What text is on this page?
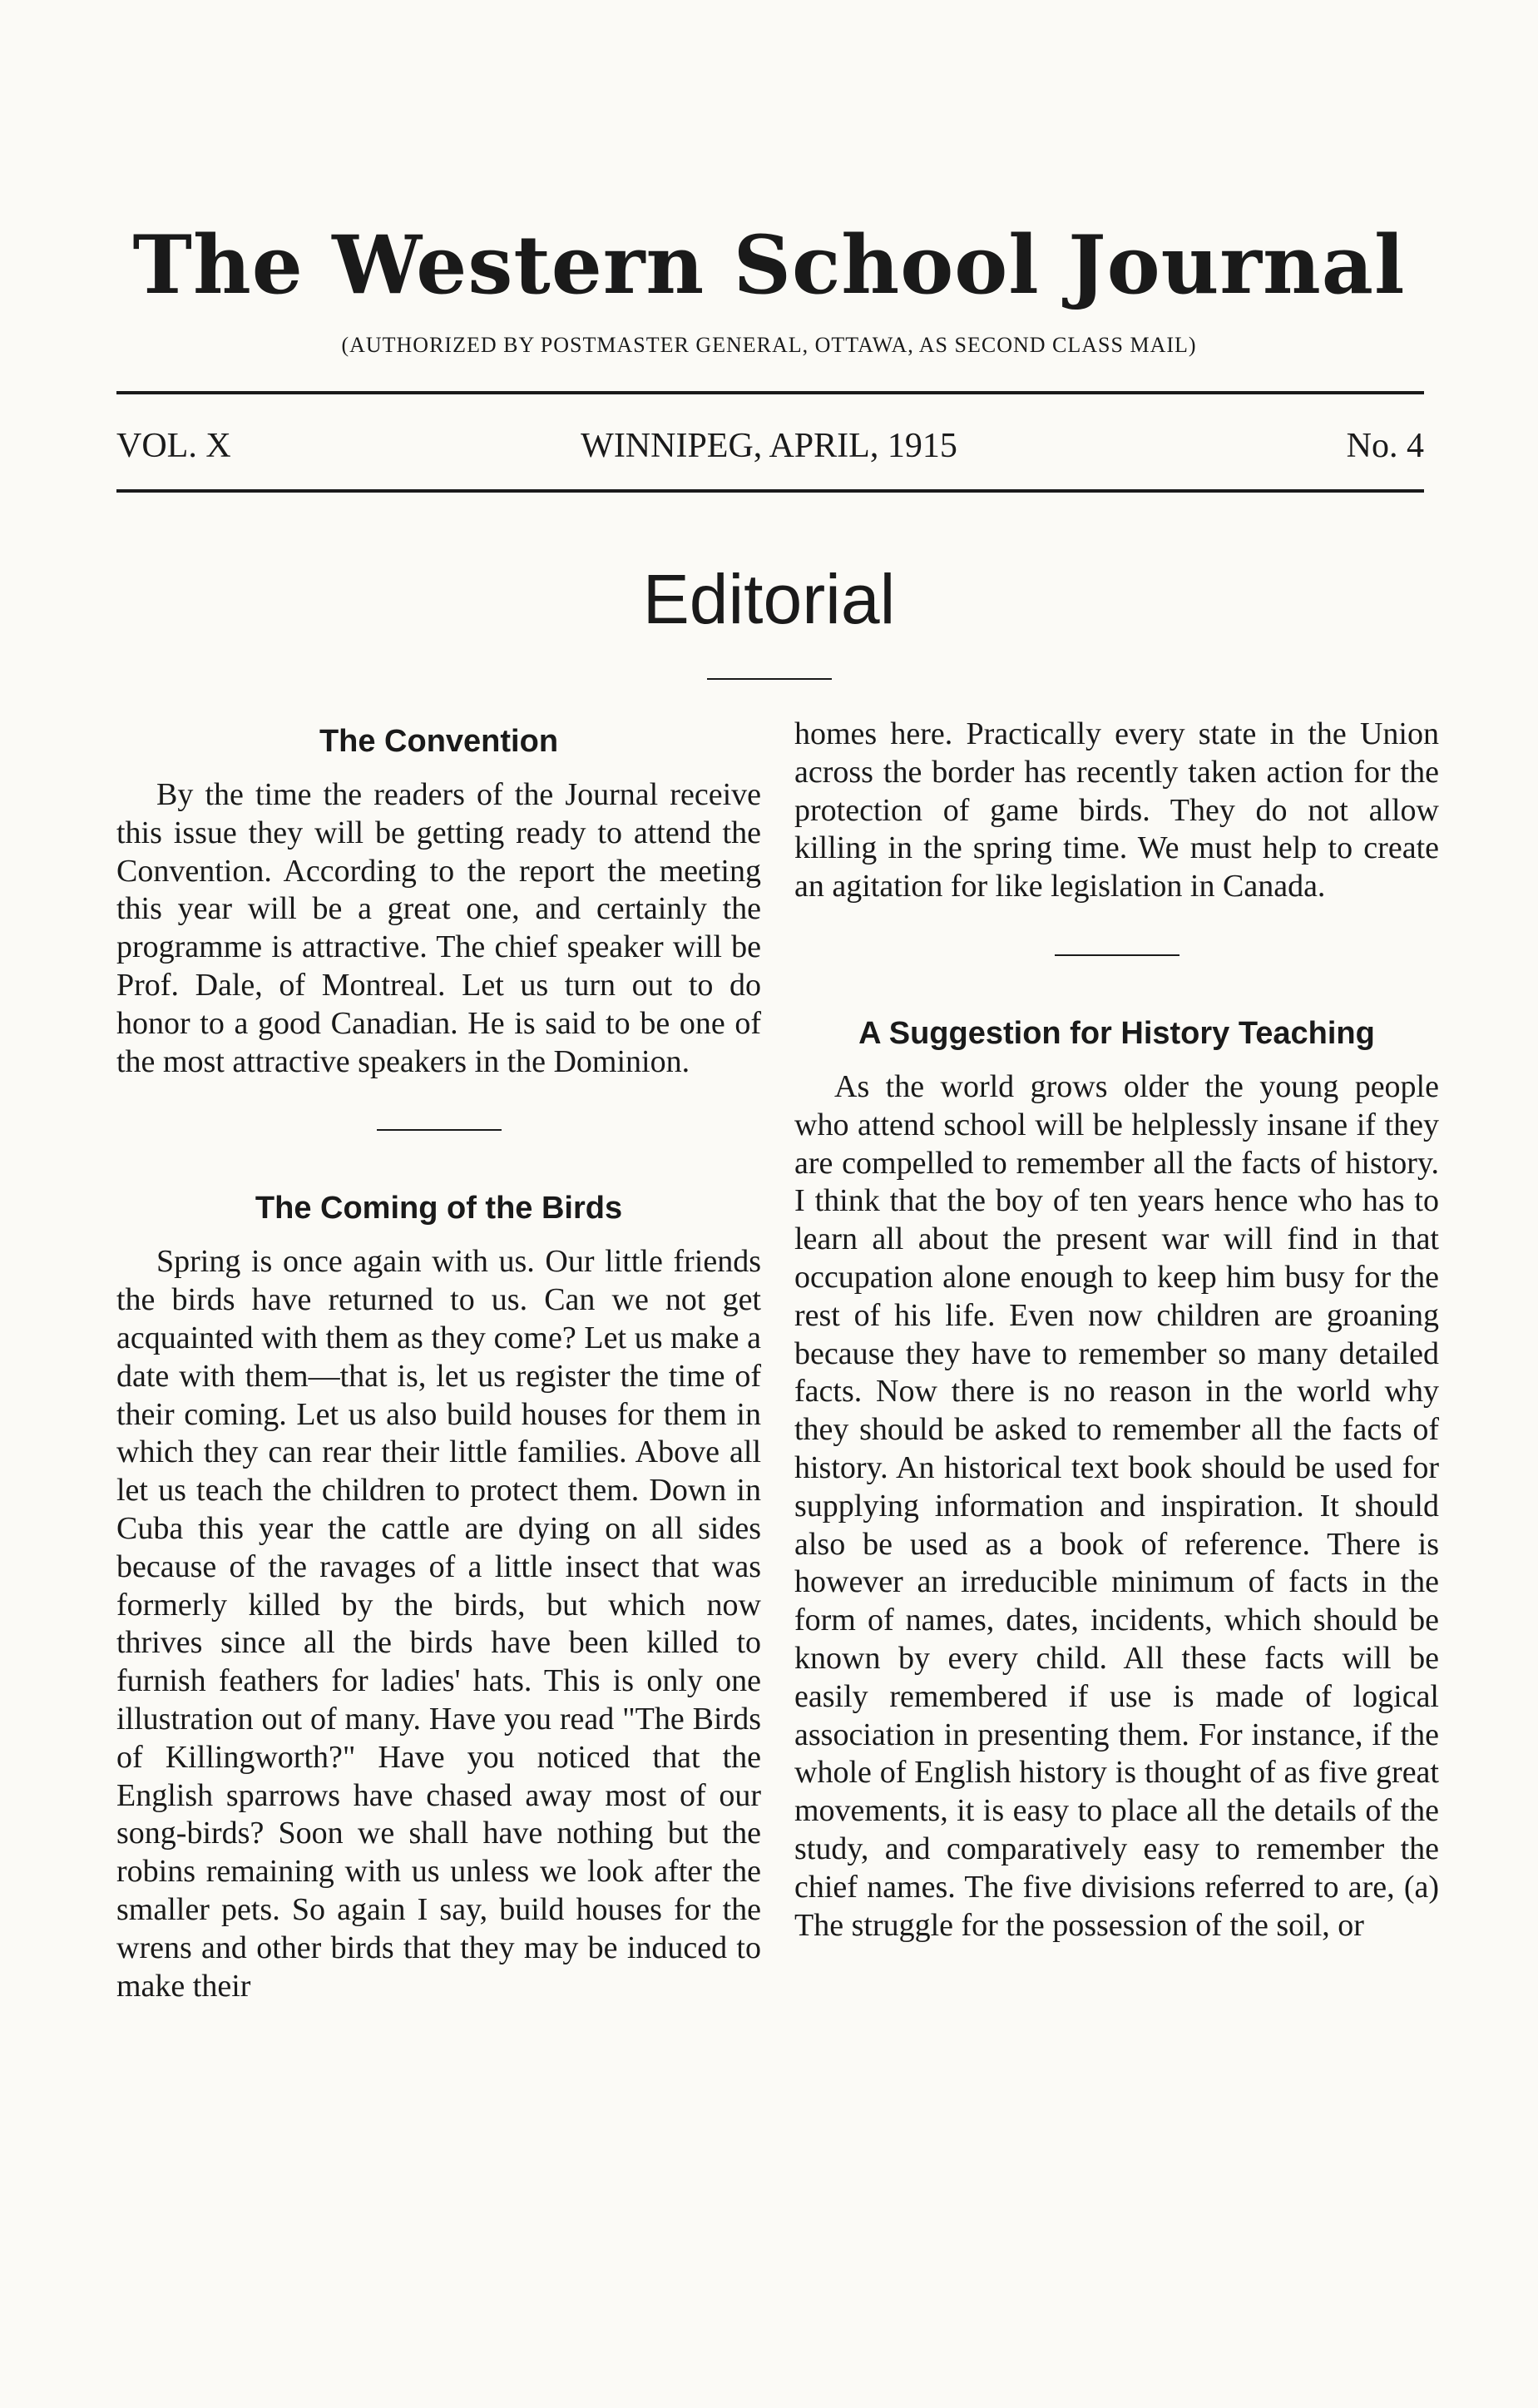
The Western School Journal
(AUTHORIZED BY POSTMASTER GENERAL, OTTAWA, AS SECOND CLASS MAIL)
VOL. X	WINNIPEG, APRIL, 1915	No. 4
Editorial
The Convention

By the time the readers of the Journal receive this issue they will be getting ready to attend the Convention. According to the report the meeting this year will be a great one, and certainly the programme is attractive. The chief speaker will be Prof. Dale, of Montreal. Let us turn out to do honor to a good Canadian. He is said to be one of the most attractive speakers in the Dominion.

The Coming of the Birds

Spring is once again with us. Our little friends the birds have returned to us. Can we not get acquainted with them as they come? Let us make a date with them—that is, let us register the time of their coming. Let us also build houses for them in which they can rear their little families. Above all let us teach the children to protect them. Down in Cuba this year the cattle are dying on all sides because of the ravages of a little insect that was formerly killed by the birds, but which now thrives since all the birds have been killed to furnish feathers for ladies' hats. This is only one illustration out of many. Have you read "The Birds of Killingworth?" Have you noticed that the English sparrows have chased away most of our song-birds? Soon we shall have nothing but the robins remaining with us unless we look after the smaller pets. So again I say, build houses for the wrens and other birds that they may be induced to make their

homes here. Practically every state in the Union across the border has recently taken action for the protection of game birds. They do not allow killing in the spring time. We must help to create an agitation for like legislation in Canada.

A Suggestion for History Teaching

As the world grows older the young people who attend school will be helplessly insane if they are compelled to remember all the facts of history. I think that the boy of ten years hence who has to learn all about the present war will find in that occupation alone enough to keep him busy for the rest of his life. Even now children are groaning because they have to remember so many detailed facts. Now there is no reason in the world why they should be asked to remember all the facts of history. An historical text book should be used for supplying information and inspiration. It should also be used as a book of reference. There is however an irreducible minimum of facts in the form of names, dates, incidents, which should be known by every child. All these facts will be easily remembered if use is made of logical association in presenting them. For instance, if the whole of English history is thought of as five great movements, it is easy to place all the details of the study, and comparatively easy to remember the chief names. The five divisions referred to are, (a) The struggle for the possession of the soil, or
